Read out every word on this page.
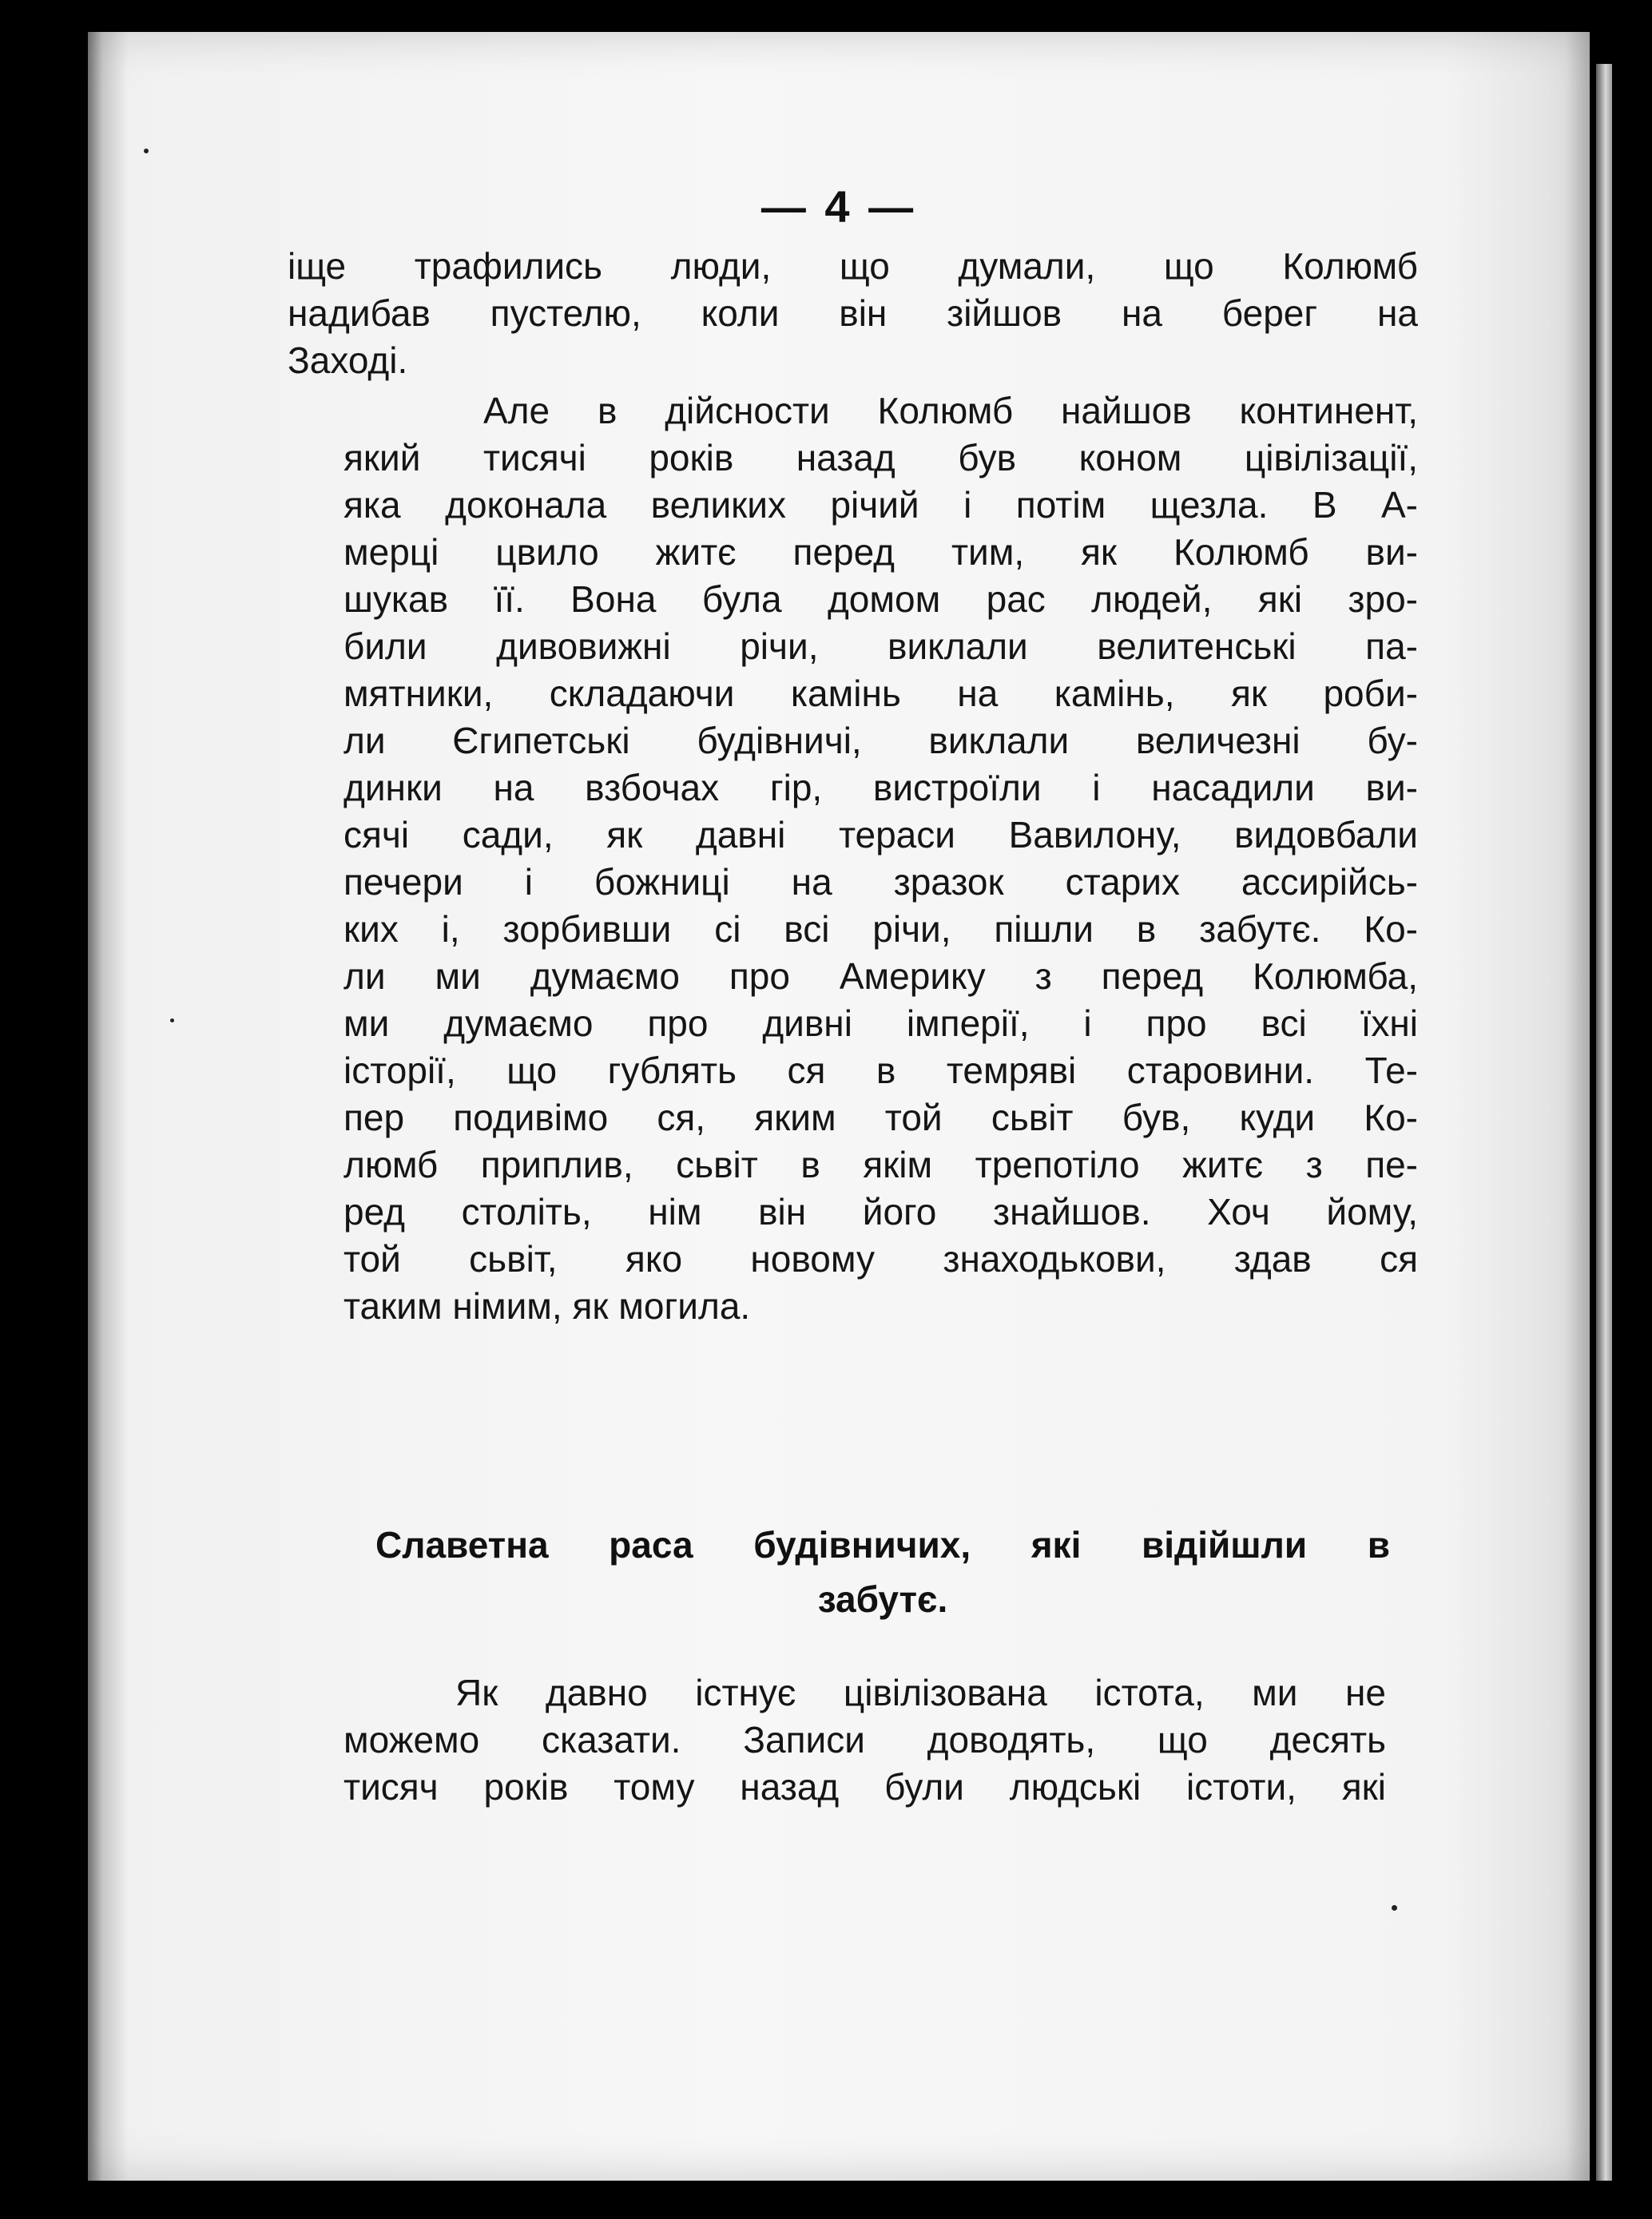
— 4 —
іще трафились люди, що думали, що Колюмб
надибав пустелю, коли він зійшов на берег на
Заході.
Але в дійсности Колюмб найшов континент,
який тисячі років назад був коном цівілізації,
яка доконала великих річий і потім щезла. В А-
мерці цвило житє перед тим, як Колюмб ви-
шукав її. Вона була домом рас людей, які зро-
били дивовижні річи, виклали велитенські па-
мятники, складаючи камінь на камінь, як роби-
ли Єгипетські будівничі, виклали величезні бу-
динки на взбочах гір, вистроїли і насадили ви-
сячі сади, як давні тераси Вавилону, видовбали
печери і божниці на зразок старих ассирійсь-
ких і, зорбивши сі всі річи, пішли в забутє. Ко-
ли ми думаємо про Америку з перед Колюмба,
ми думаємо про дивні імперії, і про всі їхні
історії, що гублять ся в темряві старовини. Те-
пер подивімо ся, яким той сьвіт був, куди Ко-
люмб приплив, сьвіт в якім трепотіло житє з пе-
ред століть, нім він його знайшов. Хоч йому,
той сьвіт, яко новому знаходькови, здав ся
таким німим, як могила.
Славетна раса будівничих, які відійшли в
забутє.
Як давно істнує цівілізована істота, ми не
можемо сказати. Записи доводять, що десять
тисяч років тому назад були людські істоти, які
